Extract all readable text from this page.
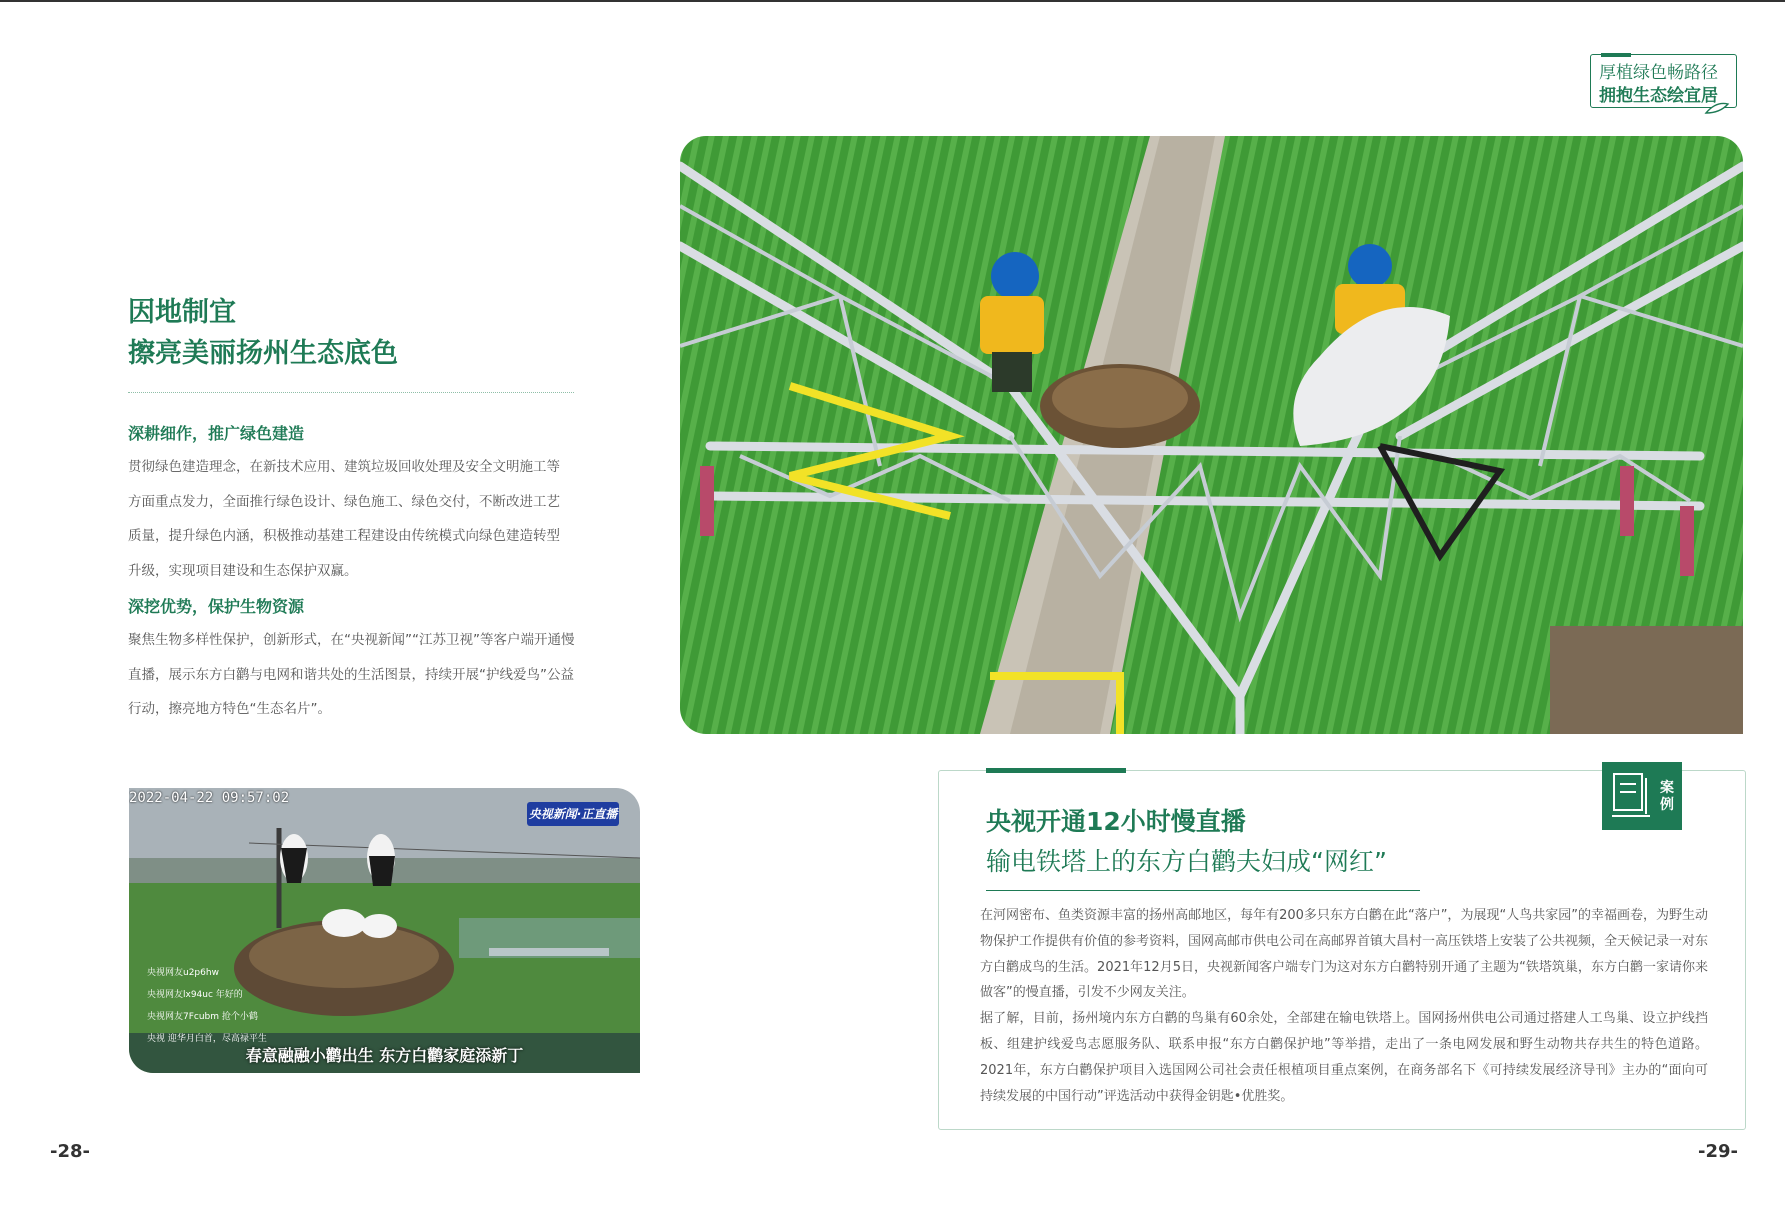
厚植绿色畅路径
拥抱生态绘宜居
因地制宜
擦亮美丽扬州生态底色
深耕细作，推广绿色建造
贯彻绿色建造理念，在新技术应用、建筑垃圾回收处理及安全文明施工等
方面重点发力，全面推行绿色设计、绿色施工、绿色交付，不断改进工艺
质量，提升绿色内涵，积极推动基建工程建设由传统模式向绿色建造转型
升级，实现项目建设和生态保护双赢。
深挖优势，保护生物资源
聚焦生物多样性保护，创新形式，在“央视新闻”“江苏卫视”等客户端开通慢
直播，展示东方白鹳与电网和谐共处的生活图景，持续开展“护线爱鸟”公益
行动，擦亮地方特色“生态名片”。
2022-04-22 09:57:02
央视新闻·正直播
央视网友u2p6hw
央视网友lx94uc 年好的
央视网友7Fcubm 抢个小鹤
央视 迎华月白首，尽高禄平生
春意融融小鹳出生 东方白鹳家庭添新丁
案例
央视开通12小时慢直播
输电铁塔上的东方白鹳夫妇成“网红”

在河网密布、鱼类资源丰富的扬州高邮地区，每年有200多只东方白鹳在此“落户”，为展现“人鸟共家园”的幸福画卷，为野生动物保护工作提供有价值的参考资料，国网高邮市供电公司在高邮界首镇大昌村一高压铁塔上安装了公共视频，全天候记录一对东方白鹳成鸟的生活。2021年12月5日，央视新闻客户端专门为这对东方白鹳特别开通了主题为“铁塔筑巢，东方白鹳一家请你来做客”的慢直播，引发不少网友关注。

据了解，目前，扬州境内东方白鹳的鸟巢有60余处，全部建在输电铁塔上。国网扬州供电公司通过搭建人工鸟巢、设立护线挡板、组建护线爱鸟志愿服务队、联系申报“东方白鹳保护地”等举措，走出了一条电网发展和野生动物共存共生的特色道路。2021年，东方白鹳保护项目入选国网公司社会责任根植项目重点案例，在商务部名下《可持续发展经济导刊》主办的“面向可持续发展的中国行动”评选活动中获得金钥匙•优胜奖。

-28-	-29-
